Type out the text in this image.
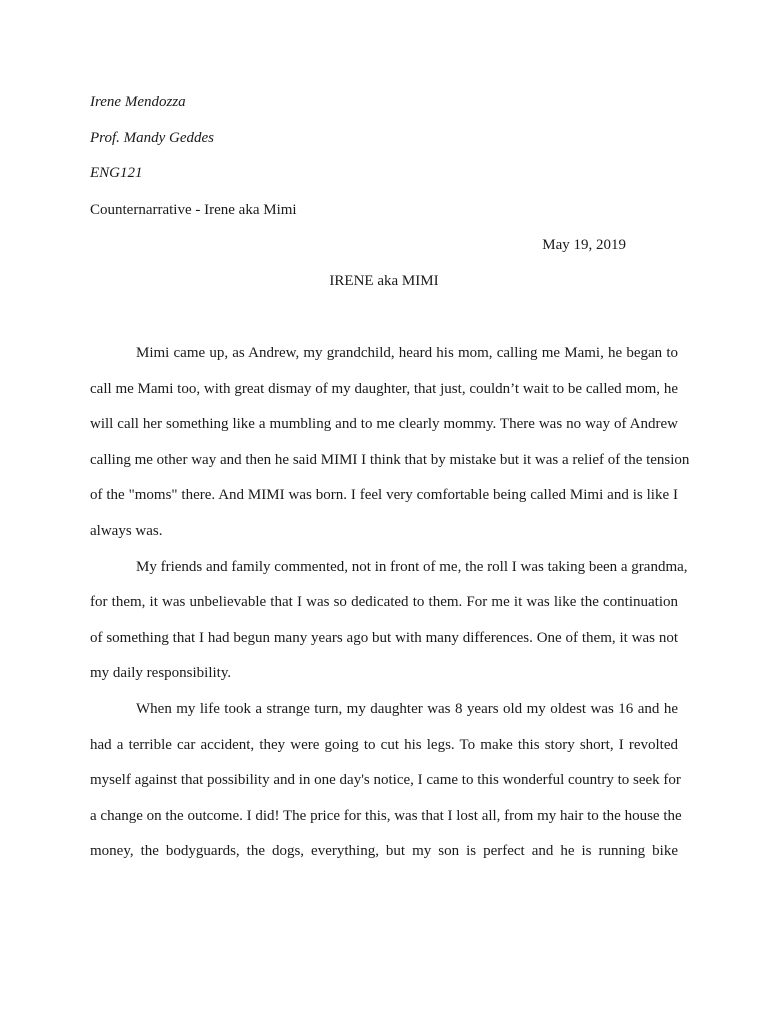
Irene Mendozza
Prof. Mandy Geddes
ENG121
Counternarrative - Irene aka Mimi
May 19, 2019
IRENE aka MIMI
Mimi came up, as Andrew, my grandchild, heard his mom, calling me Mami, he began to
call me Mami too, with great dismay of my daughter, that just, couldn’t wait to be called mom, he
will call her something like a mumbling and to me clearly mommy. There was no way of Andrew
calling me other way and then he said MIMI I think that by mistake but it was a relief of the tension
of the "moms" there. And MIMI was born. I feel very comfortable being called Mimi and is like I
always was.
My friends and family commented, not in front of me, the roll I was taking been a grandma,
for them, it was unbelievable that I was so dedicated to them. For me it was like the continuation
of something that I had begun many years ago but with many differences. One of them, it was not
my daily responsibility.
When my life took a strange turn, my daughter was 8 years old my oldest was 16 and he
had a terrible car accident, they were going to cut his legs. To make this story short, I revolted
myself against that possibility and in one day's notice, I came to this wonderful country to seek for
a change on the outcome. I did! The price for this, was that I lost all, from my hair to the house the
money, the bodyguards, the dogs, everything, but my son is perfect and he is running bike
